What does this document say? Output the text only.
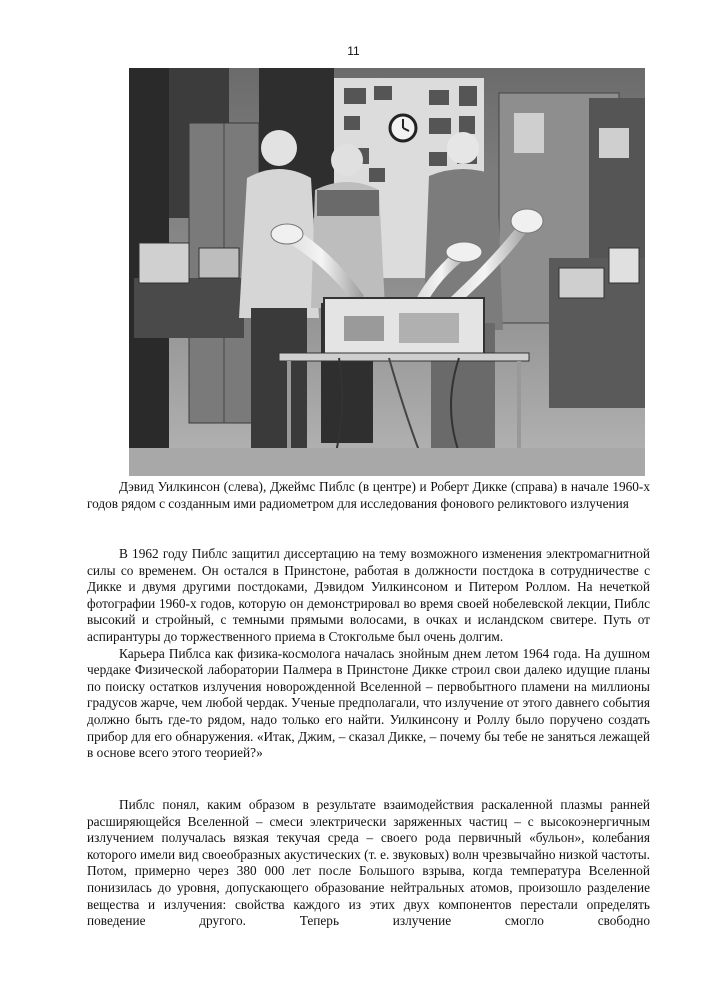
11

Дэвид Уилкинсон (слева), Джеймс Пиблс (в центре) и Роберт Дикке (справа) в начале 1960-х годов рядом с созданным ими радиометром для исследования фонового реликтового излучения

В 1962 году Пиблс защитил диссертацию на тему возможного изменения электромагнитной силы со временем. Он остался в Принстоне, работая в должности постдока в сотрудничестве с Дикке и двумя другими постдоками, Дэвидом Уилкинсоном и Питером Роллом. На нечеткой фотографии 1960-х годов, которую он демонстрировал во время своей нобелевской лекции, Пиблс высокий и стройный, с темными прямыми волосами, в очках и исландском свитере. Путь от аспирантуры до торжественного приема в Стокгольме был очень долгим.

Карьера Пиблса как физика-космолога началась знойным днем летом 1964 года. На душном чердаке Физической лаборатории Палмера в Принстоне Дикке строил свои далеко идущие планы по поиску остатков излучения новорожденной Вселенной – первобытного пламени на миллионы градусов жарче, чем любой чердак. Ученые предполагали, что излучение от этого давнего события должно быть где-то рядом, надо только его найти. Уилкинсону и Роллу было поручено создать прибор для его обнаружения. «Итак, Джим, – сказал Дикке, – почему бы тебе не заняться лежащей в основе всего этого теорией?»

Пиблс понял, каким образом в результате взаимодействия раскаленной плазмы ранней расширяющейся Вселенной – смеси электрически заряженных частиц – с высокоэнергичным излучением получалась вязкая текучая среда – своего рода первичный «бульон», колебания которого имели вид своеобразных акустических (т. е. звуковых) волн чрезвычайно низкой частоты. Потом, примерно через 380 000 лет после Большого взрыва, когда температура Вселенной понизилась до уровня, допускающего образование нейтральных атомов, произошло разделение вещества и излучения: свойства каждого из этих двух компонентов перестали определять поведение другого. Теперь излучение смогло свободно
